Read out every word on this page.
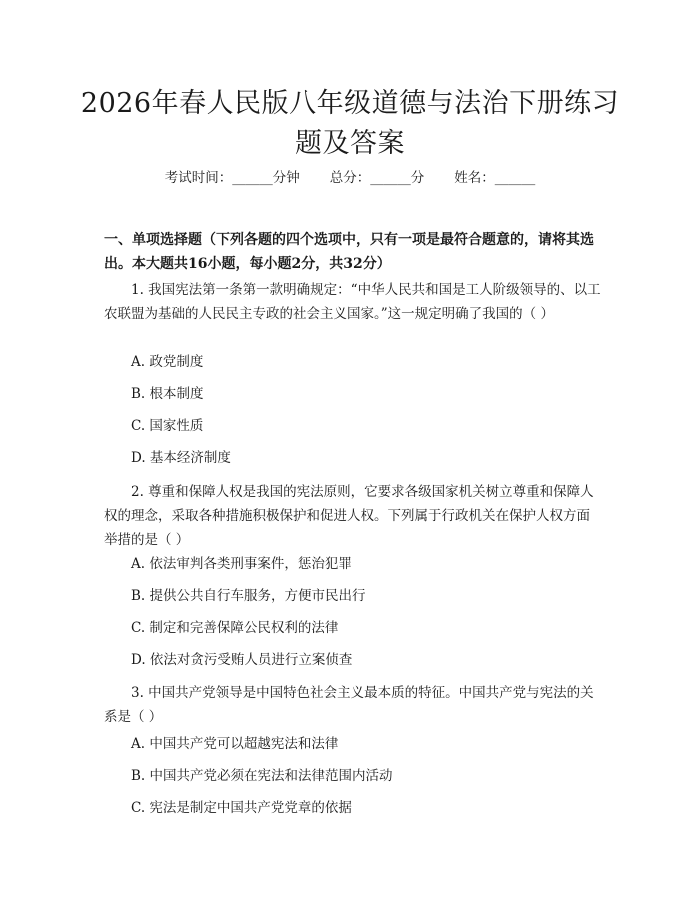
2026年春人民版八年级道德与法治下册练习题及答案
考试时间：______分钟 总分：______分 姓名：______
一、单项选择题（下列各题的四个选项中，只有一项是最符合题意的，请将其选出。本大题共16小题，每小题2分，共32分）
1. 我国宪法第一条第一款明确规定：“中华人民共和国是工人阶级领导的、以工农联盟为基础的人民民主专政的社会主义国家。”这一规定明确了我国的（ ）
A. 政党制度
B. 根本制度
C. 国家性质
D. 基本经济制度
2. 尊重和保障人权是我国的宪法原则，它要求各级国家机关树立尊重和保障人权的理念，采取各种措施积极保护和促进人权。下列属于行政机关在保护人权方面举措的是（ ）
A. 依法审判各类刑事案件，惩治犯罪
B. 提供公共自行车服务，方便市民出行
C. 制定和完善保障公民权利的法律
D. 依法对贪污受贿人员进行立案侦查
3. 中国共产党领导是中国特色社会主义最本质的特征。中国共产党与宪法的关系是（ ）
A. 中国共产党可以超越宪法和法律
B. 中国共产党必须在宪法和法律范围内活动
C. 宪法是制定中国共产党党章的依据
